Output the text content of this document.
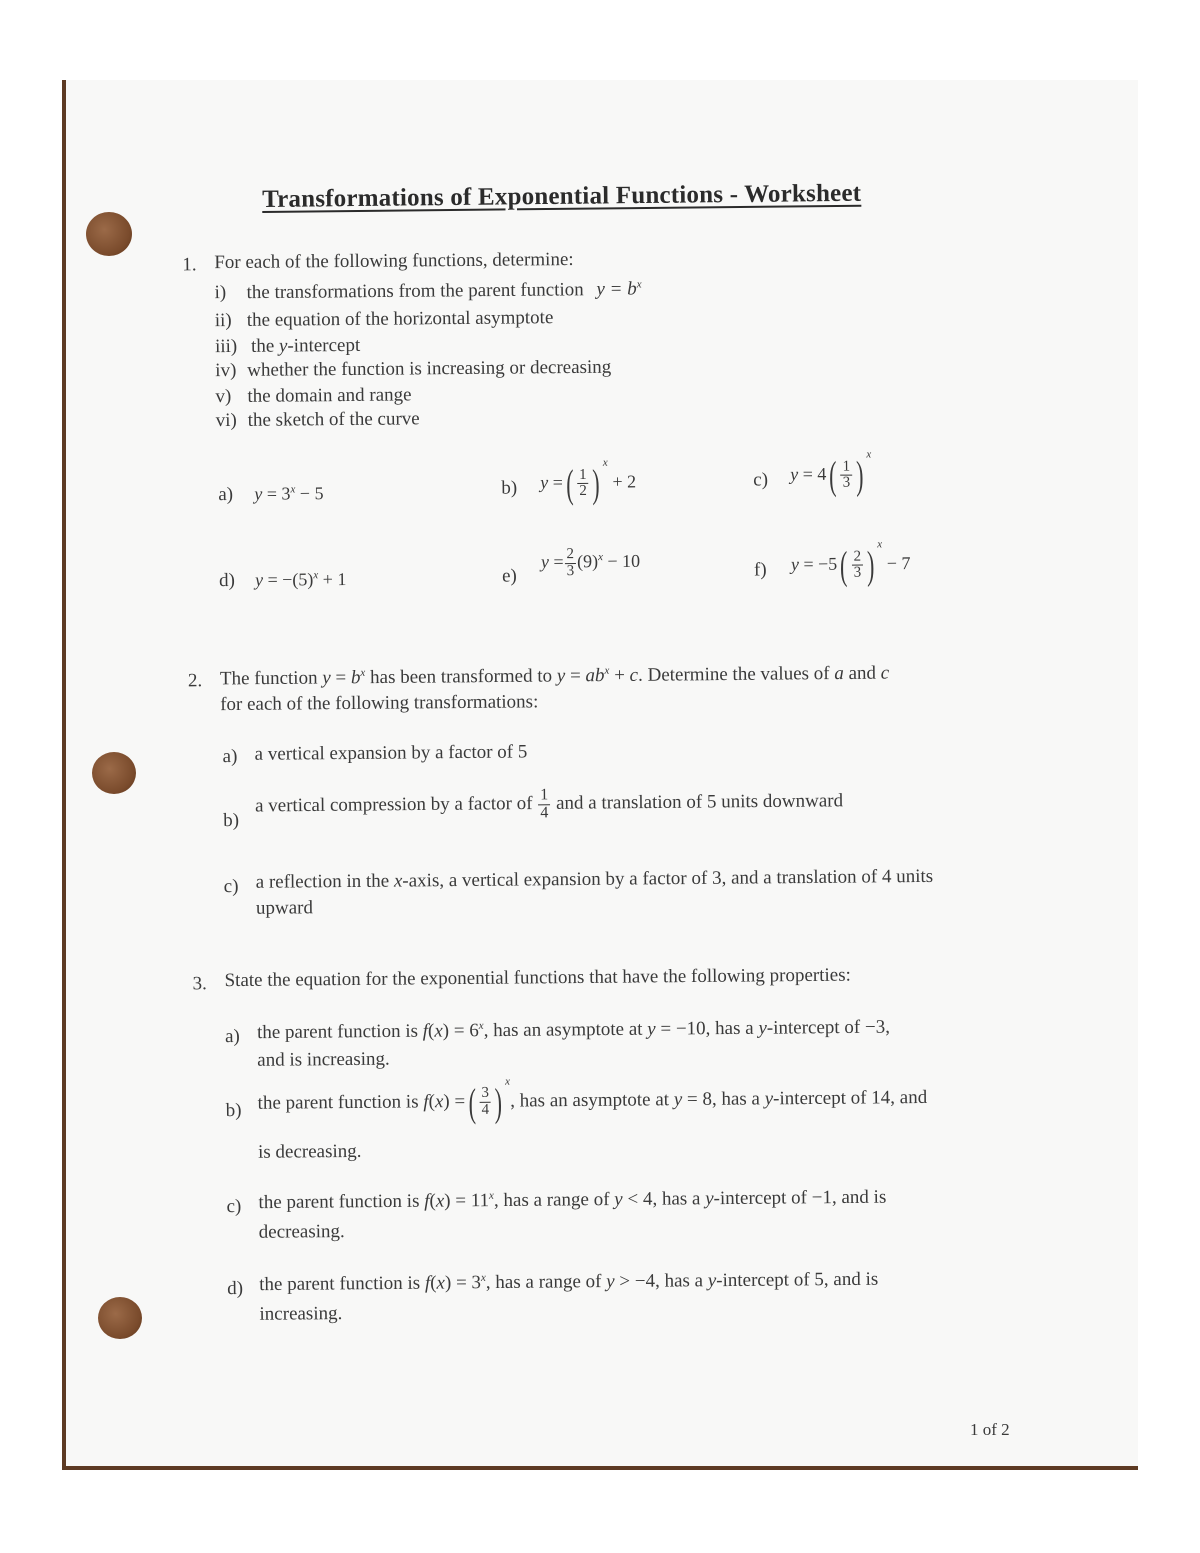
Transformations of Exponential Functions - Worksheet
1. For each of the following functions, determine:
i) the transformations from the parent function $y = b^x$
ii) the equation of the horizontal asymptote
iii) the y-intercept
iv) whether the function is increasing or decreasing
v) the domain and range
vi) the sketch of the curve
a) $y = 3^x - 5$	b) y =( $\frac{1}{2}$ ) $^x$ + 2	c) $y = 4( \frac{1}{3}$ ) $^x$
d) $y = -(5)^x + 1$	e)
$y = \frac{2}{3} (9)^x - 10$	f) $y = -5( \frac{2}{3}$ ) $^x$ − 7
2. The function $y = b^x$ has been transformed to $y = ab^x + c$. Determine the values of a and c
for each of the following transformations:
a) a vertical expansion by a factor of 5
b)
a vertical compression by a factor of $\frac{1}{4}$ and a translation of 5 units downward
c) a reflection in the x-axis, a vertical expansion by a factor of 3, and a translation of 4 units
upward
3. State the equation for the exponential functions that have the following properties:
a) the parent function is $f(x) = 6^x$, has an asymptote at y = −10, has a y-intercept of −3,
and is increasing.
b) the parent function is f(x) =( $\frac{3}{4}$ ) $^x$, has an asymptote at y = 8, has a y-intercept of 14, and
is decreasing.
c) the parent function is $f(x) = 11^x$, has a range of y < 4, has a y-intercept of −1, and is
decreasing.
d) the parent function is $f(x) = 3^x$, has a range of y > −4, has a y-intercept of 5, and is
increasing.
1 of 2
